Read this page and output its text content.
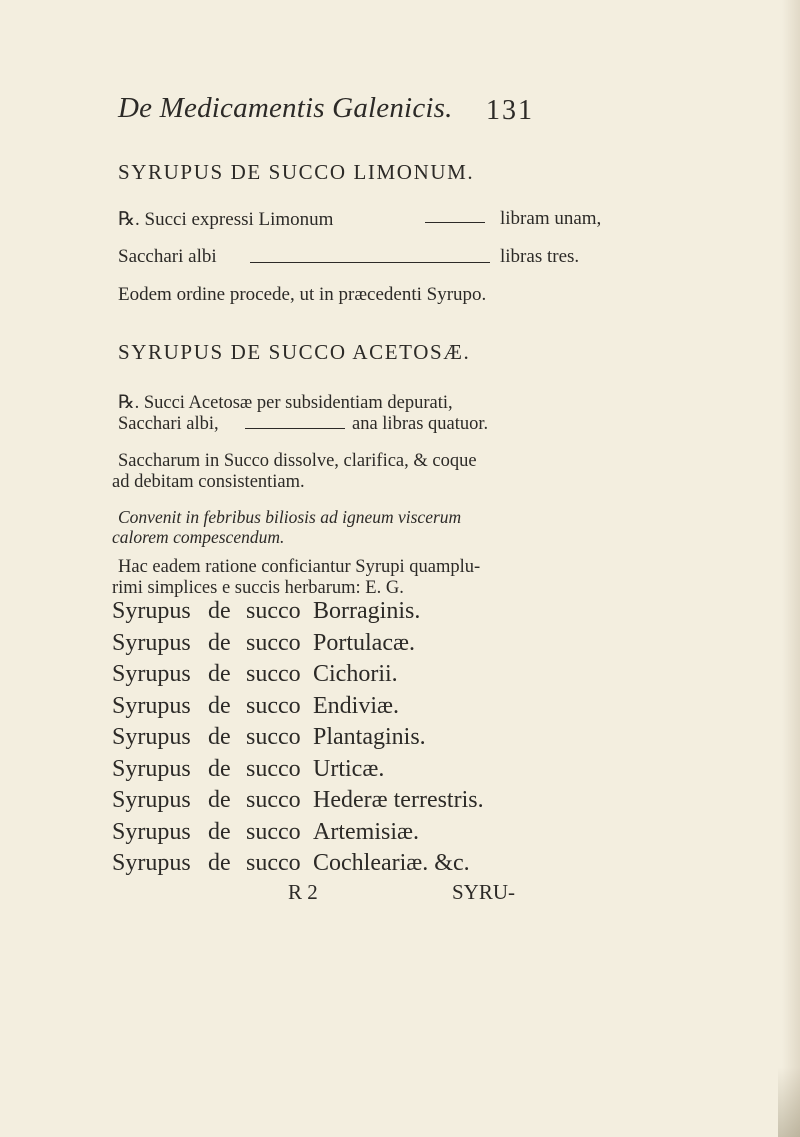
De Medicamentis Galenicis. 131
SYRUPUS DE SUCCO LIMONUM.
℞. Succi expressi Limonum	libram unam,
Sacchari albi	libras tres.
Eodem ordine procede, ut in præcedenti Syrupo.
SYRUPUS DE SUCCO ACETOSÆ.
℞. Succi Acetosæ per subsidentiam depurati,
Sacchari albi,	ana libras quatuor.
Saccharum in Succo dissolve, clarifica, & coque
ad debitam consistentiam.
Convenit in febribus biliosis ad igneum viscerum
calorem compescendum.
Hac eadem ratione conficiantur Syrupi quamplu-
rimi simplices e succis herbarum: E. G.
Syrupus de succo Borraginis.
Syrupus de succo Portulacæ.
Syrupus de succo Cichorii.
Syrupus de succo Endiviæ.
Syrupus de succo Plantaginis.
Syrupus de succo Urticæ.
Syrupus de succo Hederæ terrestris.
Syrupus de succo Artemisiæ.
Syrupus de succo Cochleariæ. &c.
R 2	SYRU-
